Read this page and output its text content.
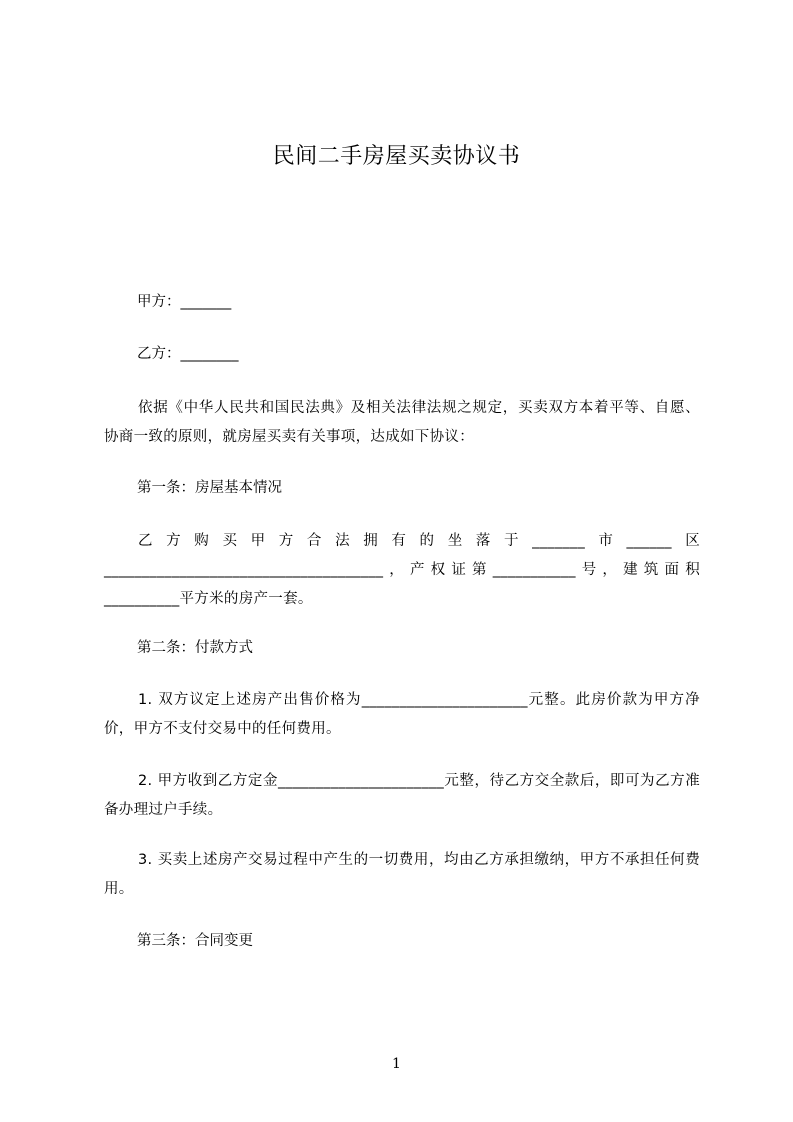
民间二手房屋买卖协议书
甲方：_______
乙方：________
依据《中华人民共和国民法典》及相关法律法规之规定，买卖双方本着平等、自愿、协商一致的原则，就房屋买卖有关事项，达成如下协议：
第一条：房屋基本情况
乙方购买甲方合法拥有的坐落于_______市______区_____________________________________，产权证第___________号，建筑面积__________平方米的房产一套。
第二条：付款方式
1. 双方议定上述房产出售价格为______________________元整。此房价款为甲方净价，甲方不支付交易中的任何费用。
2. 甲方收到乙方定金______________________元整，待乙方交全款后，即可为乙方准备办理过户手续。
3. 买卖上述房产交易过程中产生的一切费用，均由乙方承担缴纳，甲方不承担任何费用。
第三条：合同变更
1
